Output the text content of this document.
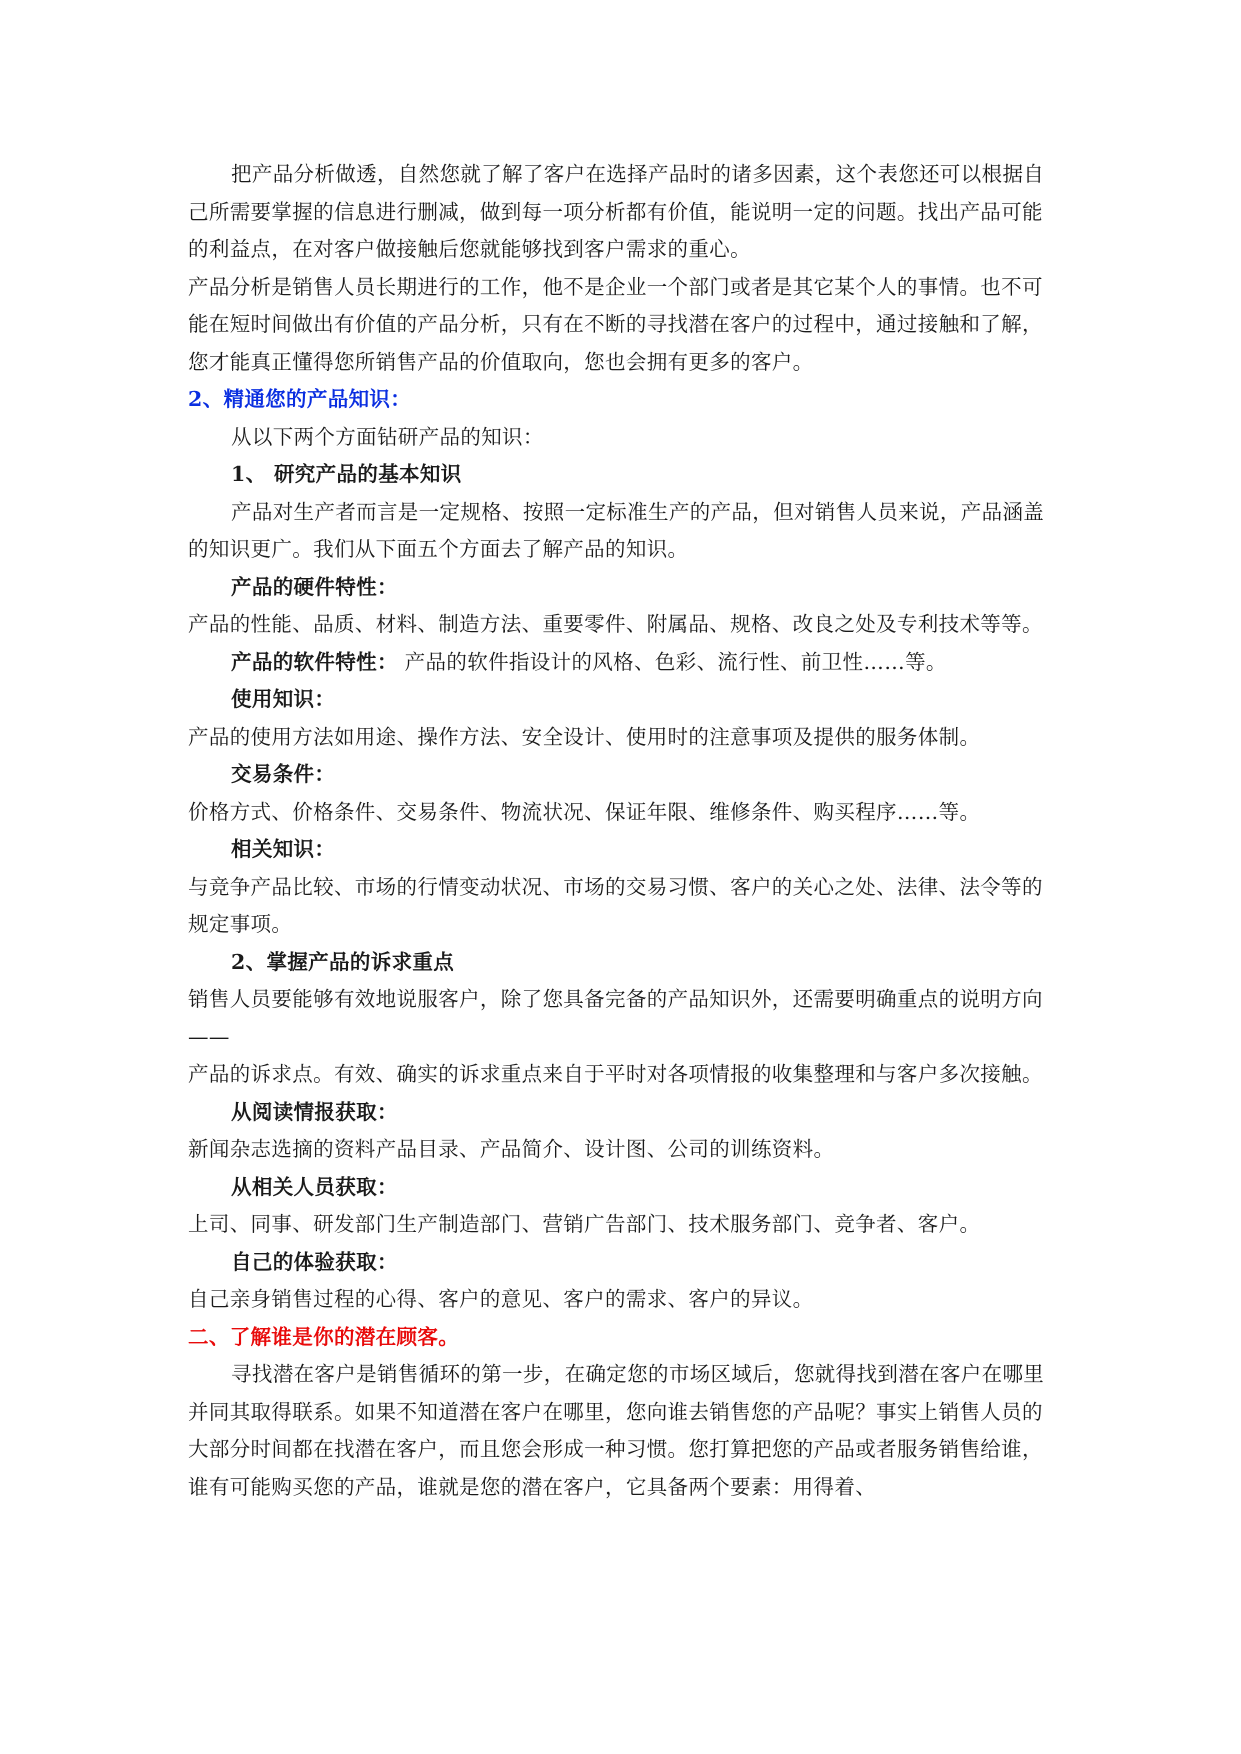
把产品分析做透，自然您就了解了客户在选择产品时的诸多因素，这个表您还可以根据自己所需要掌握的信息进行删减，做到每一项分析都有价值，能说明一定的问题。找出产品可能的利益点，在对客户做接触后您就能够找到客户需求的重心。

产品分析是销售人员长期进行的工作，他不是企业一个部门或者是其它某个人的事情。也不可能在短时间做出有价值的产品分析，只有在不断的寻找潜在客户的过程中，通过接触和了解，您才能真正懂得您所销售产品的价值取向，您也会拥有更多的客户。

2、精通您的产品知识：

从以下两个方面钻研产品的知识：

1、 研究产品的基本知识

产品对生产者而言是一定规格、按照一定标准生产的产品，但对销售人员来说，产品涵盖的知识更广。我们从下面五个方面去了解产品的知识。

产品的硬件特性：

产品的性能、品质、材料、制造方法、重要零件、附属品、规格、改良之处及专利技术等等。

产品的软件特性： 产品的软件指设计的风格、色彩、流行性、前卫性……等。

使用知识：

产品的使用方法如用途、操作方法、安全设计、使用时的注意事项及提供的服务体制。

交易条件：

价格方式、价格条件、交易条件、物流状况、保证年限、维修条件、购买程序……等。

相关知识：

与竞争产品比较、市场的行情变动状况、市场的交易习惯、客户的关心之处、法律、法令等的规定事项。

2、掌握产品的诉求重点

销售人员要能够有效地说服客户，除了您具备完备的产品知识外，还需要明确重点的说明方向——

产品的诉求点。有效、确实的诉求重点来自于平时对各项情报的收集整理和与客户多次接触。

从阅读情报获取：

新闻杂志选摘的资料产品目录、产品简介、设计图、公司的训练资料。

从相关人员获取：

上司、同事、研发部门生产制造部门、营销广告部门、技术服务部门、竞争者、客户。

自己的体验获取：

自己亲身销售过程的心得、客户的意见、客户的需求、客户的异议。

二、了解谁是你的潜在顾客。

寻找潜在客户是销售循环的第一步，在确定您的市场区域后，您就得找到潜在客户在哪里并同其取得联系。如果不知道潜在客户在哪里，您向谁去销售您的产品呢？事实上销售人员的大部分时间都在找潜在客户，而且您会形成一种习惯。您打算把您的产品或者服务销售给谁，谁有可能购买您的产品，谁就是您的潜在客户，它具备两个要素：用得着、
